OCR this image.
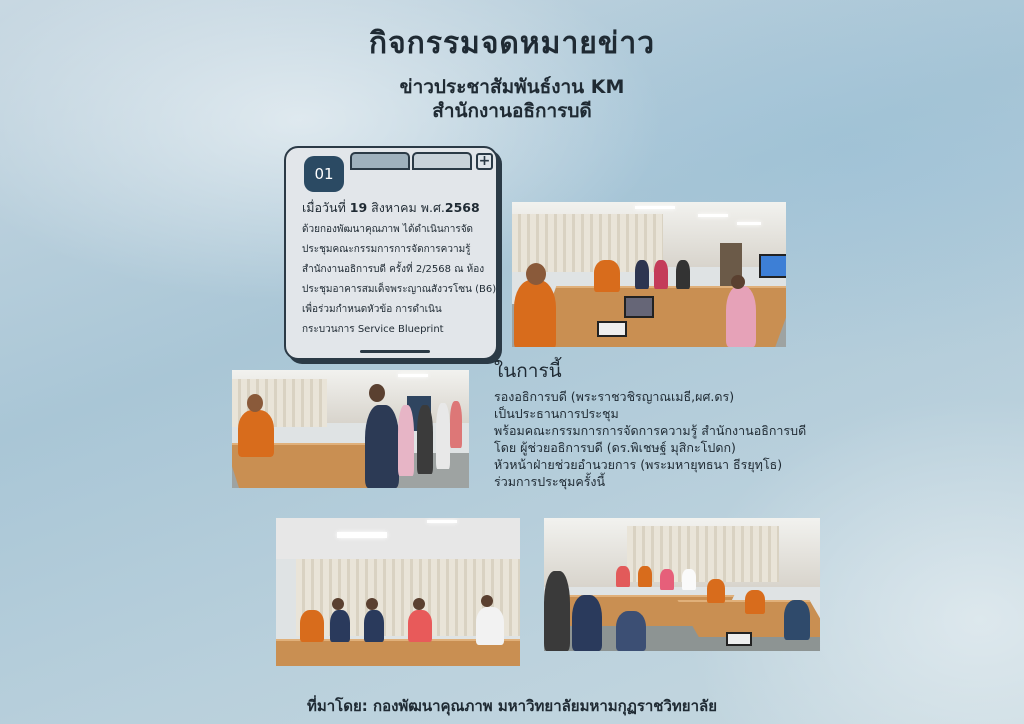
กิจกรรมจดหมายข่าว
ข่าวประชาสัมพันธ์งาน KM
สำนักงานอธิการบดี
+
01
เมื่อวันที่ 19 สิงหาคม พ.ศ.2568
ด้วยกองพัฒนาคุณภาพ ได้ดำเนินการจัด
ประชุมคณะกรรมการการจัดการความรู้
สำนักงานอธิการบดี ครั้งที่ 2/2568 ณ ห้อง
ประชุมอาคารสมเด็จพระญาณสังวรโซน (B6)
เพื่อร่วมกำหนดหัวข้อ การดำเนิน
กระบวนการ Service Blueprint
ในการนี้
รองอธิการบดี (พระราชวชิรญาณเมธี,ผศ.ดร)
เป็นประธานการประชุม
พร้อมคณะกรรมการการจัดการความรู้ สำนักงานอธิการบดี
โดย ผู้ช่วยอธิการบดี (ดร.พิเชษฐ์ มุสิกะโปดก)
หัวหน้าฝ่ายช่วยอำนวยการ (พระมหายุทธนา ธีรยุทฺโธ)
ร่วมการประชุมครั้งนี้
ที่มาโดย: กองพัฒนาคุณภาพ มหาวิทยาลัยมหามกุฏราชวิทยาลัย
